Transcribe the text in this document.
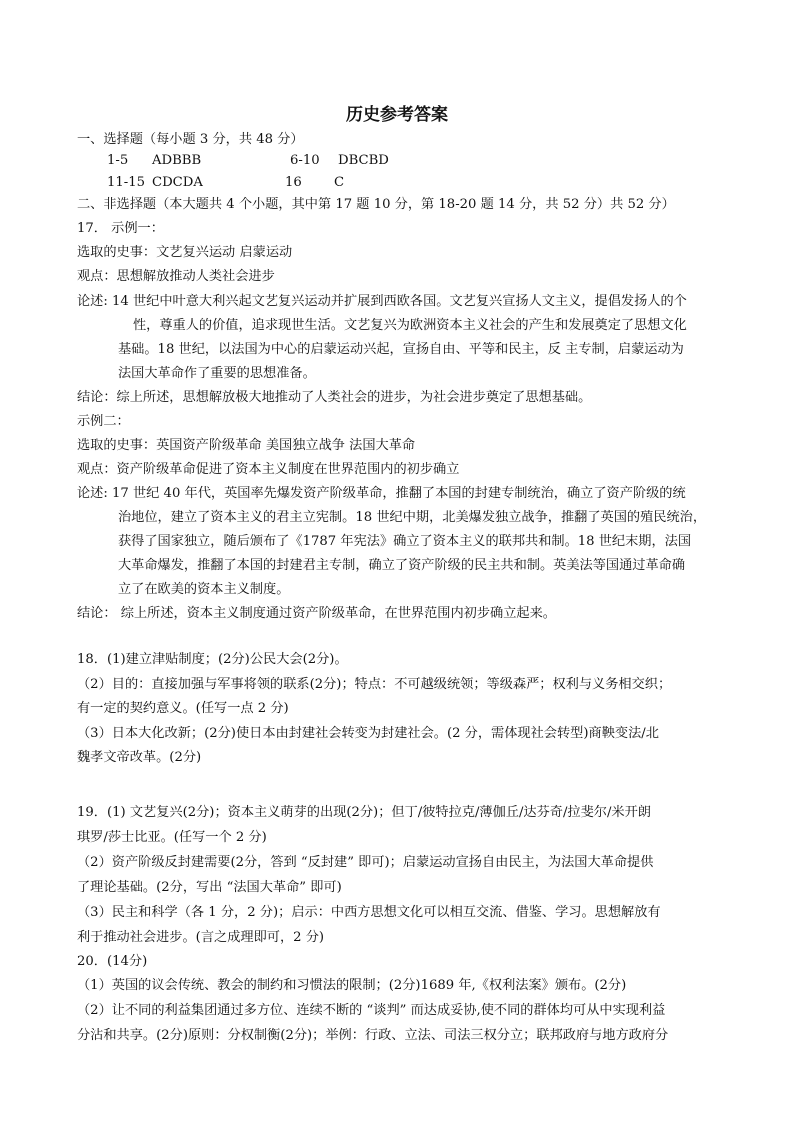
历史参考答案
一、选择题（每小题 3 分，共 48 分）
1-5 ADBBB	6-10 DBCBD
11-15 CDCDA	16 C
二、非选择题（本大题共 4 个小题，其中第 17 题 10 分，第 18-20 题 14 分，共 52 分）共 52 分）
17． 示例一：
选取的史事：文艺复兴运动 启蒙运动
观点：思想解放推动人类社会进步
论述: 14 世纪中叶意大利兴起文艺复兴运动并扩展到西欧各国。文艺复兴宣扬人文主义，提倡发扬人的个
性，尊重人的价值，追求现世生活。文艺复兴为欧洲资本主义社会的产生和发展奠定了思想文化
基础。18 世纪，以法国为中心的启蒙运动兴起，宣扬自由、平等和民主，反 主专制，启蒙运动为
法国大革命作了重要的思想准备。
结论：综上所述，思想解放极大地推动了人类社会的进步，为社会进步奠定了思想基础。
示例二：
选取的史事：英国资产阶级革命 美国独立战争 法国大革命
观点：资产阶级革命促进了资本主义制度在世界范围内的初步确立
论述: 17 世纪 40 年代，英国率先爆发资产阶级革命，推翻了本国的封建专制统治，确立了资产阶级的统
治地位，建立了资本主义的君主立宪制。18 世纪中期，北美爆发独立战争，推翻了英国的殖民统治，
获得了国家独立，随后颁布了《1787 年宪法》确立了资本主义的联邦共和制。18 世纪末期，法国
大革命爆发，推翻了本国的封建君主专制，确立了资产阶级的民主共和制。英美法等国通过革命确
立了在欧美的资本主义制度。
结论： 综上所述，资本主义制度通过资产阶级革命，在世界范围内初步确立起来。
18．(1)建立津贴制度；(2分)公民大会(2分)。
（2）目的：直接加强与军事将领的联系(2分)；特点：不可越级统领；等级森严；权利与义务相交织；
有一定的契约意义。(任写一点 2 分)
（3）日本大化改新；(2分)使日本由封建社会转变为封建社会。(2 分，需体现社会转型)商鞅变法/北
魏孝文帝改革。(2分)
19．(1) 文艺复兴(2分)；资本主义萌芽的出现(2分)；但丁/彼特拉克/薄伽丘/达芬奇/拉斐尔/米开朗
琪罗/莎士比亚。(任写一个 2 分)
（2）资产阶级反封建需要(2分，答到 “反封建” 即可)；启蒙运动宣扬自由民主，为法国大革命提供
了理论基础。(2分，写出 “法国大革命” 即可)
（3）民主和科学（各 1 分，2 分)；启示：中西方思想文化可以相互交流、借鉴、学习。思想解放有
利于推动社会进步。(言之成理即可，2 分)
20．(14分)
（1）英国的议会传统、教会的制约和习惯法的限制；(2分)1689 年,《权利法案》颁布。(2分)
（2）让不同的利益集团通过多方位、连续不断的 “谈判” 而达成妥协,使不同的群体均可从中实现利益
分沾和共享。(2分)原则：分权制衡(2分)；举例：行政、立法、司法三权分立；联邦政府与地方政府分
